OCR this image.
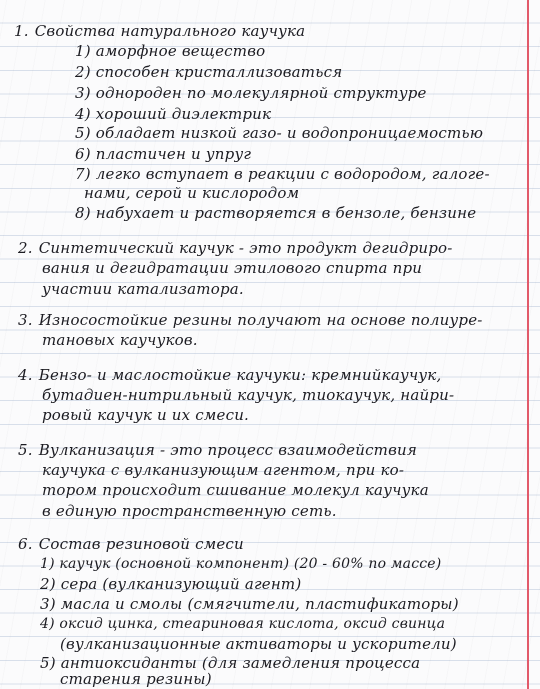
1. Свойства натурального каучука
1) аморфное вещество
2) способен кристаллизоваться
3) однороден по молекулярной структуре
4) хороший диэлектрик
5) обладает низкой газо- и водопроницаемостью
6) пластичен и упруг
7) легко вступает в реакции с водородом, галоге-
нами, серой и кислородом
8) набухает и растворяется в бензоле, бензине
2. Синтетический каучук - это продукт дегидриро-
вания и дегидратации этилового спирта при
участии катализатора.
3. Износостойкие резины получают на основе полиуре-
тановых каучуков.
4. Бензо- и маслостойкие каучуки: кремнийкаучук,
бутадиен-нитрильный каучук, тиокаучук, найри-
ровый каучук и их смеси.
5. Вулканизация - это процесс взаимодействия
каучука с вулканизующим агентом, при ко-
тором происходит сшивание молекул каучука
в единую пространственную сеть.
6. Состав резиновой смеси
1) каучук (основной компонент) (20 - 60% по массе)
2) сера (вулканизующий агент)
3) масла и смолы (смягчители, пластификаторы)
4) оксид цинка, стеариновая кислота, оксид свинца
(вулканизационные активаторы и ускорители)
5) антиоксиданты (для замедления процесса
старения резины)
